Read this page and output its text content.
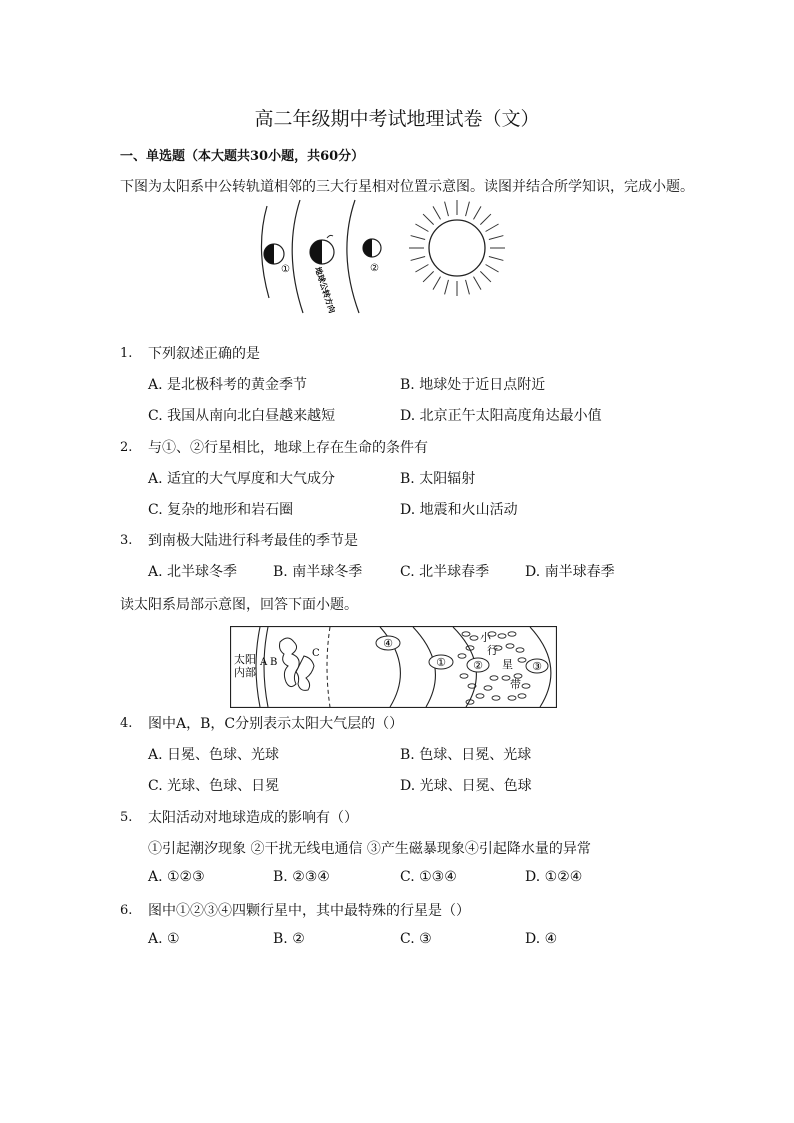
高二年级期中考试地理试卷（文）
一、单选题（本大题共30小题，共60分）
下图为太阳系中公转轨道相邻的三大行星相对位置示意图。读图并结合所学知识，完成小题。
①	②
地球公转方向
1. 下列叙述正确的是
A. 是北极科考的黄金季节	B. 地球处于近日点附近
C. 我国从南向北白昼越来越短	D. 北京正午太阳高度角达最小值
2. 与①、②行星相比，地球上存在生命的条件有
A. 适宜的大气厚度和大气成分	B. 太阳辐射
C. 复杂的地形和岩石圈	D. 地震和火山活动
3. 到南极大陆进行科考最佳的季节是
A. 北半球冬季	B. 南半球冬季	C. 北半球春季	D. 南半球春季
读太阳系局部示意图，回答下面小题。
太阳
内部
A B
C
④
① ②	③
小
行
星
带
4. 图中A，B，C分别表示太阳大气层的（）
A. 日冕、色球、光球	B. 色球、日冕、光球
C. 光球、色球、日冕	D. 光球、日冕、色球
5. 太阳活动对地球造成的影响有（）
①引起潮汐现象 ②干扰无线电通信 ③产生磁暴现象④引起降水量的异常
A. ①②③	B. ②③④	C. ①③④	D. ①②④
6. 图中①②③④四颗行星中，其中最特殊的行星是（）
A. ①	B. ②	C. ③	D. ④
